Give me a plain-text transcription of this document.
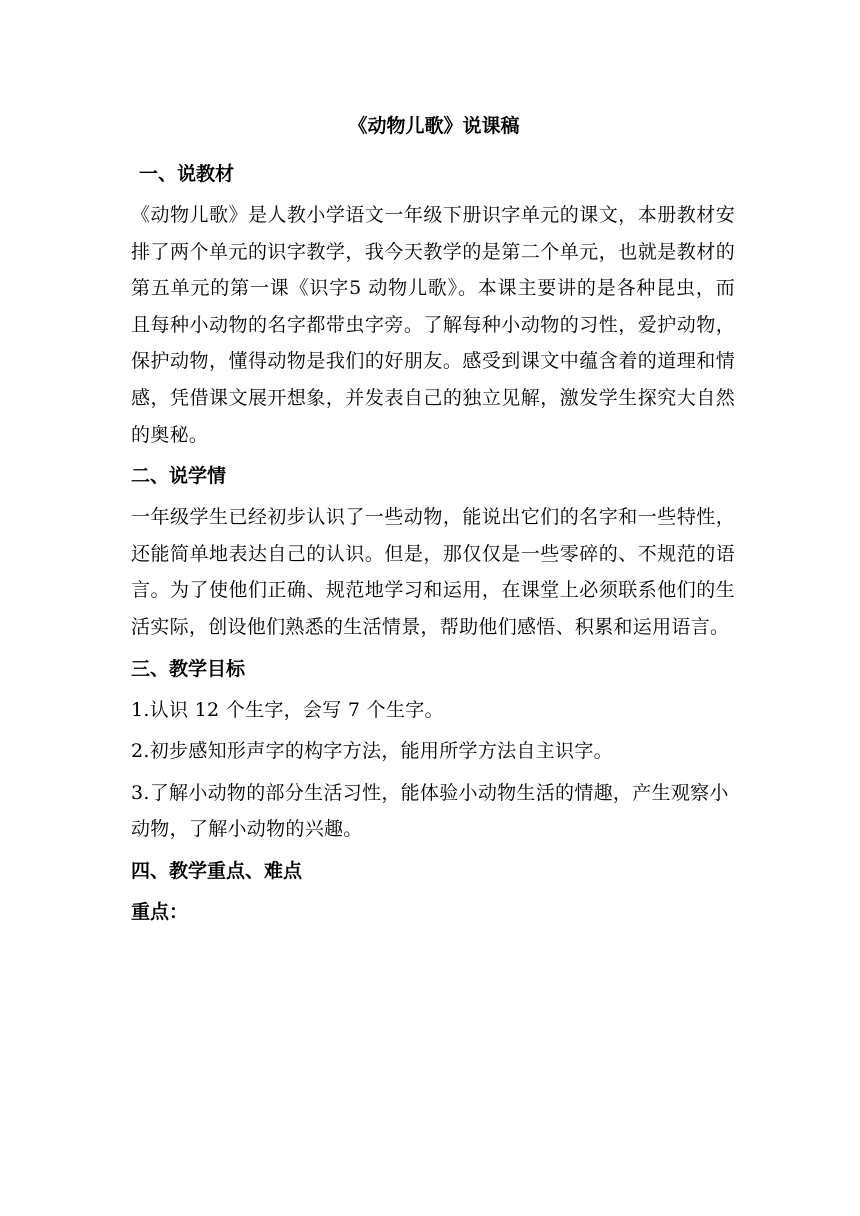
《动物儿歌》说课稿

一、说教材

《动物儿歌》是人教小学语文一年级下册识字单元的课文，本册教材安排了两个单元的识字教学，我今天教学的是第二个单元，也就是教材的第五单元的第一课《识字5 动物儿歌》。本课主要讲的是各种昆虫，而且每种小动物的名字都带虫字旁。了解每种小动物的习性，爱护动物，保护动物，懂得动物是我们的好朋友。感受到课文中蕴含着的道理和情感，凭借课文展开想象，并发表自己的独立见解，激发学生探究大自然的奥秘。

二、说学情

一年级学生已经初步认识了一些动物，能说出它们的名字和一些特性，还能简单地表达自己的认识。但是，那仅仅是一些零碎的、不规范的语言。为了使他们正确、规范地学习和运用，在课堂上必须联系他们的生活实际，创设他们熟悉的生活情景，帮助他们感悟、积累和运用语言。

三、教学目标

1.认识 12 个生字，会写 7 个生字。

2.初步感知形声字的构字方法，能用所学方法自主识字。

3.了解小动物的部分生活习性，能体验小动物生活的情趣，产生观察小动物，了解小动物的兴趣。

四、教学重点、难点

重点：
